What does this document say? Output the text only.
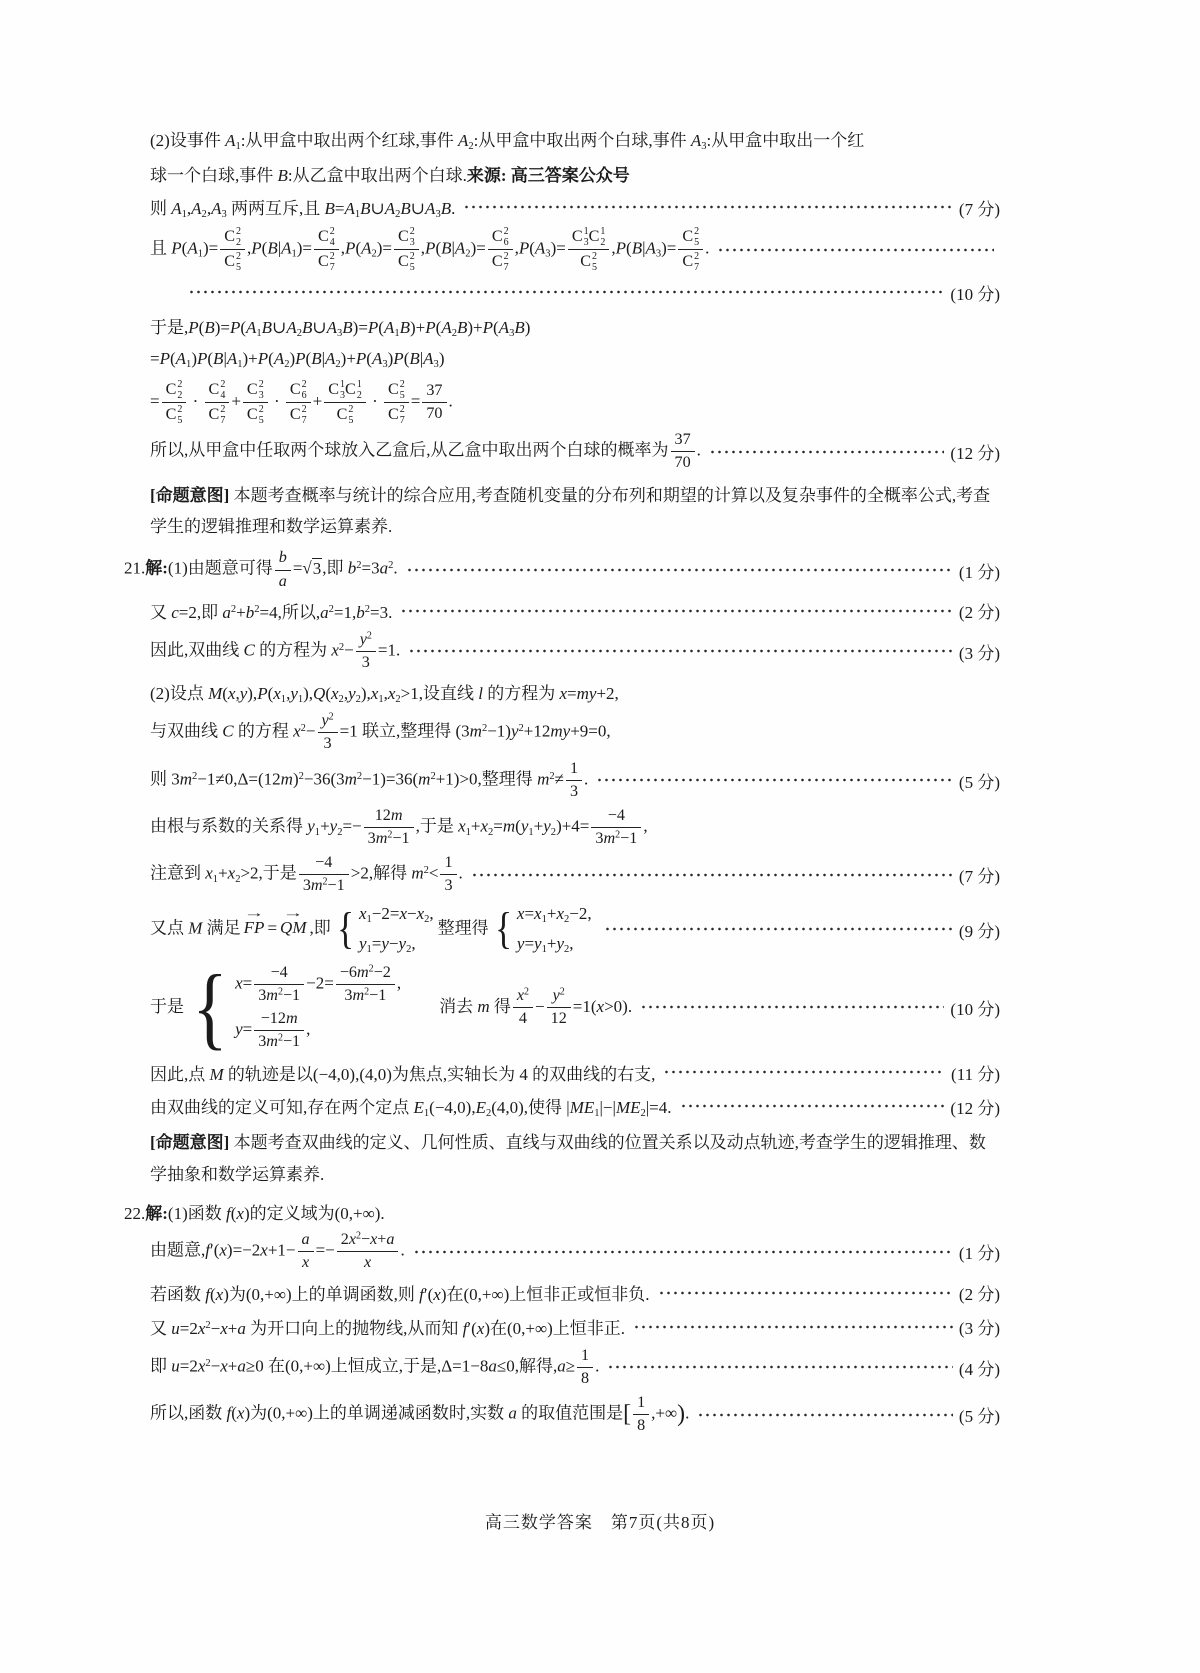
(2)设事件 $A_1$:从甲盒中取出两个红球,事件 $A_2$:从甲盒中取出两个白球,事件 $A_3$:从甲盒中取出一个红
球一个白球,事件 B:从乙盒中取出两个白球.来源: 高三答案公众号
则 $A_1,A_2,A_3$ 两两互斥,且 $B=A_1B\cup A_2B\cup A_3B$.	(7 分)
且 $P(A_1)= C$ 2
2
C 2
5 $,P(B|A_1)= C$ 2
4
C 2
7 $,P(A_2)= C$ 2
3
C 2
5 $,P(B|A_2)= C$ 2
6
C 2
7 $,P(A_3)= C$ 1
3 C 1
2
C 2
5 $,P(B|A_3)= C$ 2
5
C 2
7 .
(10 分)
于是$,P(B)=P(A_1B\cup A_2B\cup A_3B)=P(A_1B)+P(A_2B)+P(A_3B)$
$=P(A_1)P(B|A_1)+P(A_2)P(B|A_2)+P(A_3)P(B|A_3)$
= C 2
2
C 2
5 · C 2
4
C 2
7 + C 2
3
C 2
5 · C 2
6
C 2
7 + C 1
3 C 1
2
C 2
5 · C 2
5
C 2
$7 = \frac{37}{70}$ .
所以,从甲盒中任取两个球放入乙盒后,从乙盒中取出两个白球的概率为 $\frac{37}{70}$ .	(12 分)
[命题意图] 本题考查概率与统计的综合应用,考查随机变量的分布列和期望的计算以及复杂事件的全概率公式,考查学生的逻辑推理和数学运算素养.
21.解:(1)由题意可得 $\frac{b}{a} =√3$,即 $b^2=3a^2$.	(1 分)
又 c=2,即 $a^2+b^2=4$,所以$,a^2=1,b^2=3$.	(2 分)
因此,双曲线 C 的方程为 $x^2- \frac{y^2}{3} =1$.	(3 分)
(2)设点 $M(x,y),P(x_1,y_1),Q(x_2,y_2),x_1,x_2>1$,设直线 l 的方程为 x=my+2,
与双曲线 C 的方程 $x^2- \frac{y^2}{3} =1$ 联立,整理得 $(3m^2-1)y^2+12my+9=0$,
则 $3m^2-1\ne 0,\Delta=(12m)^2-36(3m^2-1)=36(m^2+1)>0$,整理得 $m^2\ne \frac{1}{3}$ .	(5 分)
由根与系数的关系得 $y_1+y_2=- \frac{12m}{3m^2-1}$ ,于是 $x_1+x_2=m(y_1+y_2)+4= \frac{-4}{3m^2-1}$ ,
注意到 $x_1+x_2>2$,于是 $\frac{-4}{3m^2-1} >2$,解得 $m^2< \frac{1}{3}$ .	(7 分)
又点 M 满足 FP → = QM → ,即 { $x_1-2=x-x_2$,
$y_1=y-y_2$,
整理得 { $x=x_1+x_2-2$,
$y=y_1+y_2$,
(9 分)
于是 { $x= \frac{-4}{3m^2-1} -2= \frac{-6m^2-2}{3m^2-1}$ ,
$y= \frac{-12m}{3m^2-1}$ ,
消去 m 得 $\frac{x^2}{4} - \frac{y^2}{12} =1(x>0)$.	(10 分)
因此,点 M 的轨迹是以(−4,0),(4,0)为焦点,实轴长为 4 的双曲线的右支,	(11 分)
由双曲线的定义可知,存在两个定点 $E_1(-4,0),E_2(4,0)$,使得 $|ME_1|-|ME_2|=4$.	(12 分)
[命题意图] 本题考查双曲线的定义、几何性质、直线与双曲线的位置关系以及动点轨迹,考查学生的逻辑推理、数学抽象和数学运算素养.
22.解:(1)函数 f(x)的定义域为(0,+∞).
由题意$,f'(x)=-2x+1- \frac{a}{x} =- \frac{2x^2-x+a}{x}$ .	(1 分)
若函数 f(x)为(0,+∞)上的单调函数,则 f′(x)在(0,+∞)上恒非正或恒非负.	(2 分)
又 $u=2x^2-x+a$ 为开口向上的抛物线,从而知 f′(x)在(0,+∞)上恒非正.	(3 分)
即 $u=2x^2-x+a\ge 0$ 在(0,+∞)上恒成立,于是,Δ=1−8a≤0,解得$,a\ge \frac{1}{8}$ .	(4 分)
所以,函数 f(x)为(0,+∞)上的单调递减函数时,实数 a 的取值范围是[ $\frac{1}{8}$ ,+∞).	(5 分)
高三数学答案　第7页(共8页)
